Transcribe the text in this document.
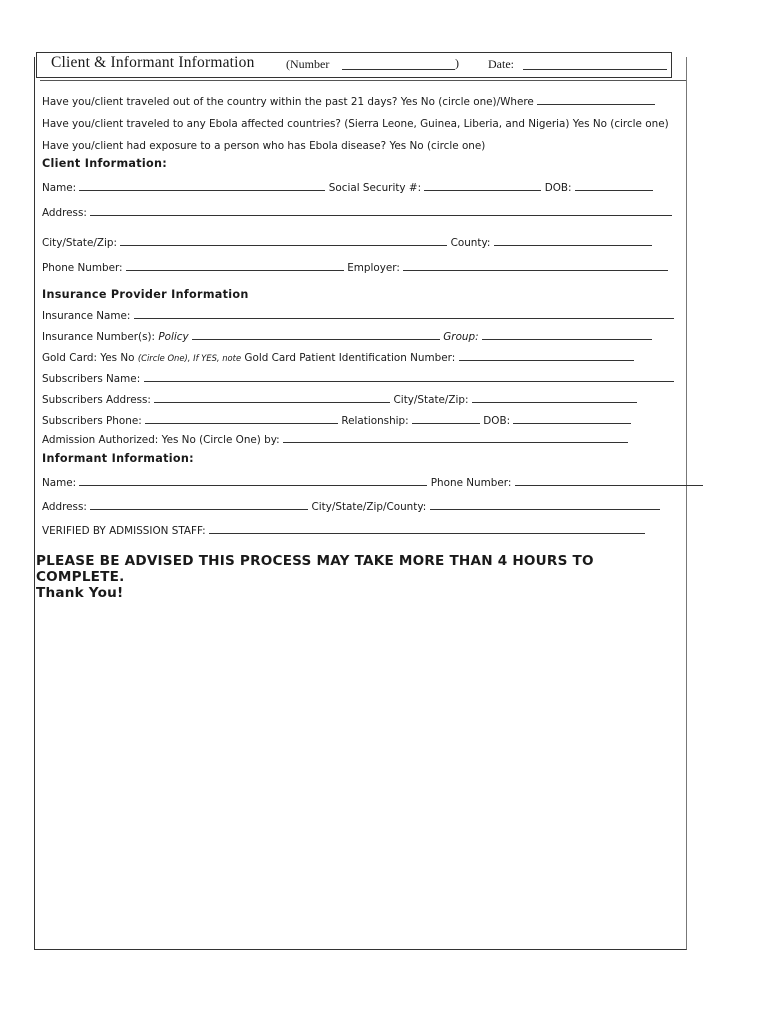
Client & Informant Information	(Number	) Date:
Have you/client traveled out of the country within the past 21 days? Yes No (circle one)/Where
Have you/client traveled to any Ebola affected countries? (Sierra Leone, Guinea, Liberia, and Nigeria) Yes No (circle one)
Have you/client had exposure to a person who has Ebola disease? Yes No (circle one)
Client Information:
Name:	Social Security #:	DOB:
Address:
City/State/Zip:	County:
Phone Number:	Employer:
Insurance Provider Information
Insurance Name:
Insurance Number(s): Policy	Group:
Gold Card: Yes No (Circle One), If YES, note Gold Card Patient Identification Number:
Subscribers Name:
Subscribers Address:	City/State/Zip:
Subscribers Phone:	Relationship:	DOB:
Admission Authorized: Yes No (Circle One) by:
Informant Information:
Name:	Phone Number:
Address:	City/State/Zip/County:
VERIFIED BY ADMISSION STAFF:
PLEASE BE ADVISED THIS PROCESS MAY TAKE MORE THAN 4 HOURS TO COMPLETE.
Thank You!
